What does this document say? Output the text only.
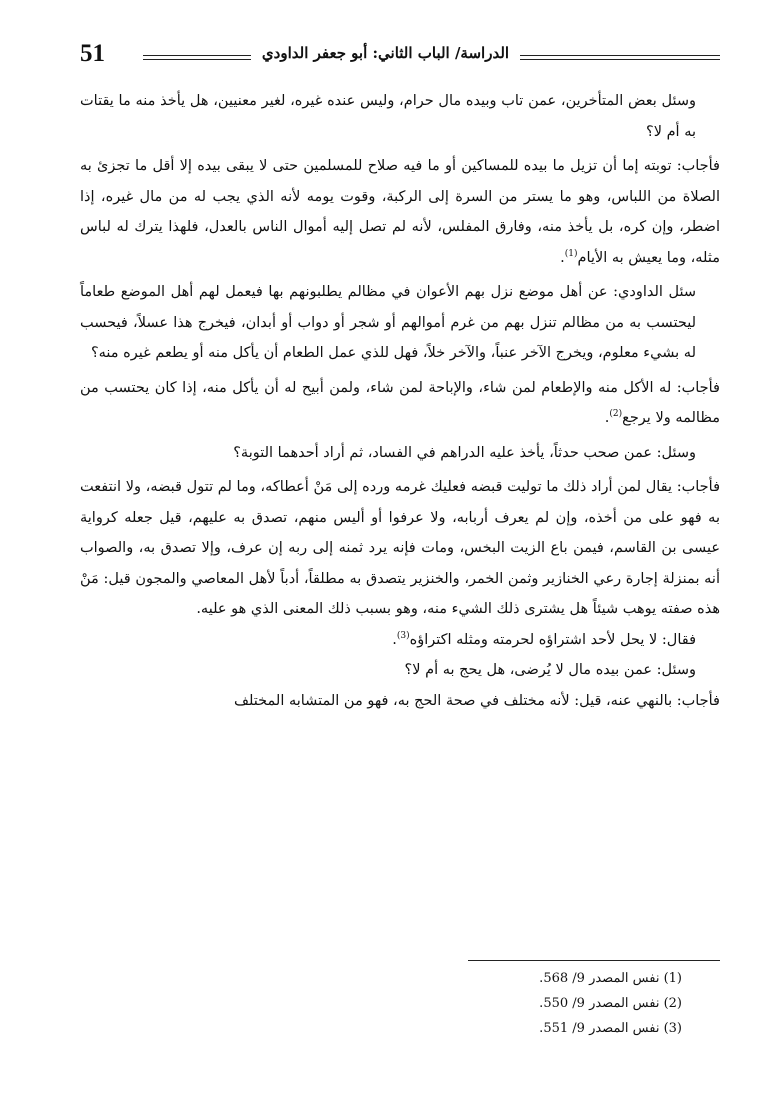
51	الدراسة/ الباب الثاني: أبو جعفر الداودي

وسئل بعض المتأخرين، عمن تاب وبيده مال حرام، وليس عنده غيره، لغير معنيين، هل يأخذ منه ما يقتات به أم لا؟

فأجاب: توبته إما أن تزيل ما بيده للمساكين أو ما فيه صلاح للمسلمين حتى لا يبقى بيده إلا أقل ما تجزئ به الصلاة من اللباس، وهو ما يستر من السرة إلى الركبة، وقوت يومه لأنه الذي يجب له من مال غيره، إذا اضطر، وإن كره، بل يأخذ منه، وفارق المفلس، لأنه لم تصل إليه أموال الناس بالعدل، فلهذا يترك له لباس مثله، وما يعيش به الأيام$^{(1)}$.

سئل الداودي: عن أهل موضع نزل بهم الأعوان في مظالم يطلبونهم بها فيعمل لهم أهل الموضع طعاماً ليحتسب به من مظالم تنزل بهم من غرم أموالهم أو شجر أو دواب أو أبدان، فيخرج هذا عسلاً، فيحسب له بشيء معلوم، ويخرج الآخر عنباً، والآخر خلاً، فهل للذي عمل الطعام أن يأكل منه أو يطعم غيره منه؟

فأجاب: له الأكل منه والإطعام لمن شاء، والإباحة لمن شاء، ولمن أبيح له أن يأكل منه، إذا كان يحتسب من مظالمه ولا يرجع$^{(2)}$.

وسئل: عمن صحب حدثاً، يأخذ عليه الدراهم في الفساد، ثم أراد أحدهما التوبة؟

فأجاب: يقال لمن أراد ذلك ما توليت قبضه فعليك غرمه ورده إلى مَنْ أعطاكه، وما لم تتول قبضه، ولا انتفعت به فهو على من أخذه، وإن لم يعرف أربابه، ولا عرفوا أو أليس منهم، تصدق به عليهم، قيل جعله كرواية عيسى بن القاسم، فيمن باع الزيت البخس، ومات فإنه يرد ثمنه إلى ربه إن عرف، وإلا تصدق به، والصواب أنه بمنزلة إجارة رعي الخنازير وثمن الخمر، والخنزير يتصدق به مطلقاً، أدباً لأهل المعاصي والمجون قيل: مَنْ هذه صفته يوهب شيئاً هل يشترى ذلك الشيء منه، وهو بسبب ذلك المعنى الذي هو عليه.

فقال: لا يحل لأحد اشتراؤه لحرمته ومثله اكتراؤه$^{(3)}$.

وسئل: عمن بيده مال لا يُرضى، هل يحج به أم لا؟

فأجاب: بالنهي عنه، قيل: لأنه مختلف في صحة الحج به، فهو من المتشابه المختلف

(1) نفس المصدر 9/ 568.
(2) نفس المصدر 9/ 550.
(3) نفس المصدر 9/ 551.
